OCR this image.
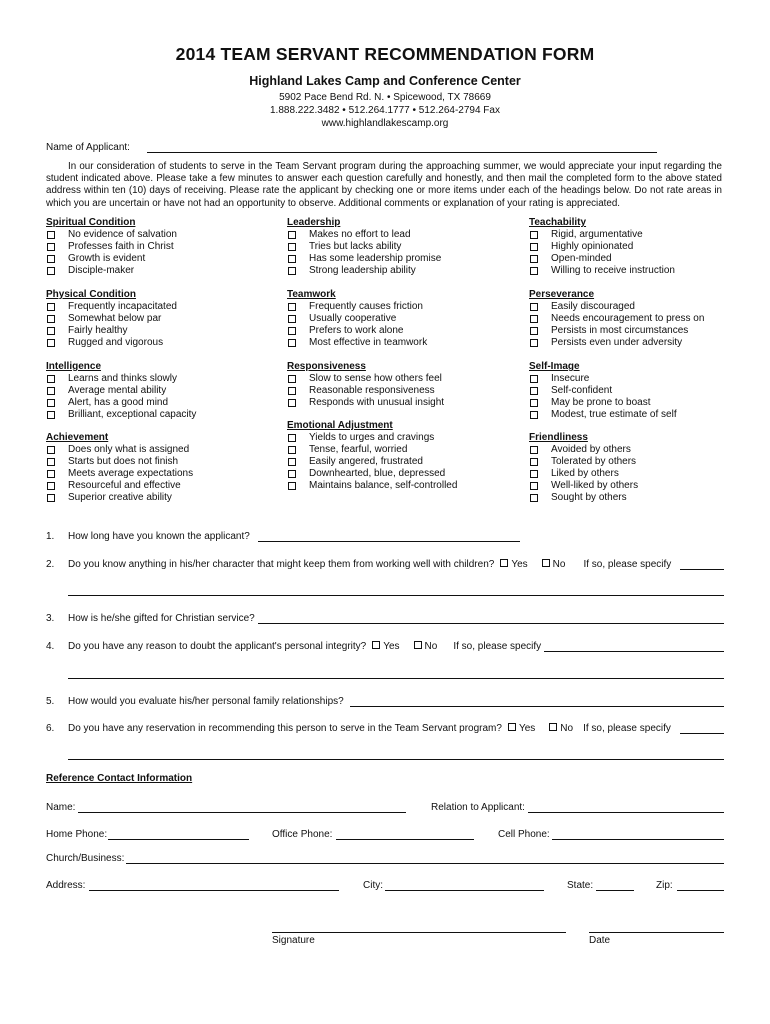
2014 TEAM SERVANT RECOMMENDATION FORM
Highland Lakes Camp and Conference Center
5902 Pace Bend Rd. N. • Spicewood, TX 78669
1.888.222.3482 • 512.264.1777 • 512.264-2794 Fax
www.highlandlakescamp.org
Name of Applicant:

In our consideration of students to serve in the Team Servant program during the approaching summer, we would appreciate your input regarding the student indicated above. Please take a few minutes to answer each question carefully and honestly, and then mail the completed form to the above stated address within ten (10) days of receiving. Please rate the applicant by checking one or more items under each of the headings below. Do not rate areas in which you are uncertain or have not had an opportunity to observe. Additional comments or explanation of your rating is appreciated.

Spiritual Condition
No evidence of salvation
Professes faith in Christ
Growth is evident
Disciple-maker
Leadership
Makes no effort to lead
Tries but lacks ability
Has some leadership promise
Strong leadership ability
Teachability
Rigid, argumentative
Highly opinionated
Open-minded
Willing to receive instruction
Physical Condition
Frequently incapacitated
Somewhat below par
Fairly healthy
Rugged and vigorous
Teamwork
Frequently causes friction
Usually cooperative
Prefers to work alone
Most effective in teamwork
Perseverance
Easily discouraged
Needs encouragement to press on
Persists in most circumstances
Persists even under adversity
Intelligence
Learns and thinks slowly
Average mental ability
Alert, has a good mind
Brilliant, exceptional capacity
Responsiveness
Slow to sense how others feel
Reasonable responsiveness
Responds with unusual insight
Self-Image
Insecure
Self-confident
May be prone to boast
Modest, true estimate of self
Achievement
Does only what is assigned
Starts but does not finish
Meets average expectations
Resourceful and effective
Superior creative ability
Emotional Adjustment
Yields to urges and cravings
Tense, fearful, worried
Easily angered, frustrated
Downhearted, blue, depressed
Maintains balance, self-controlled
Friendliness
Avoided by others
Tolerated by others
Liked by others
Well-liked by others
Sought by others
1. How long have you known the applicant?
2. Do you know anything in his/her character that might keep them from working well with children? Yes	No If so, please specify
3. How is he/she gifted for Christian service?
4. Do you have any reason to doubt the applicant's personal integrity? Yes	No If so, please specify
5. How would you evaluate his/her personal family relationships?
6. Do you have any reservation in recommending this person to serve in the Team Servant program? Yes	No If so, please specify
Reference Contact Information
Name:	Relation to Applicant:
Home Phone:	Office Phone:	Cell Phone:
Church/Business:
Address:	City:	State:	Zip:
Signature	Date
